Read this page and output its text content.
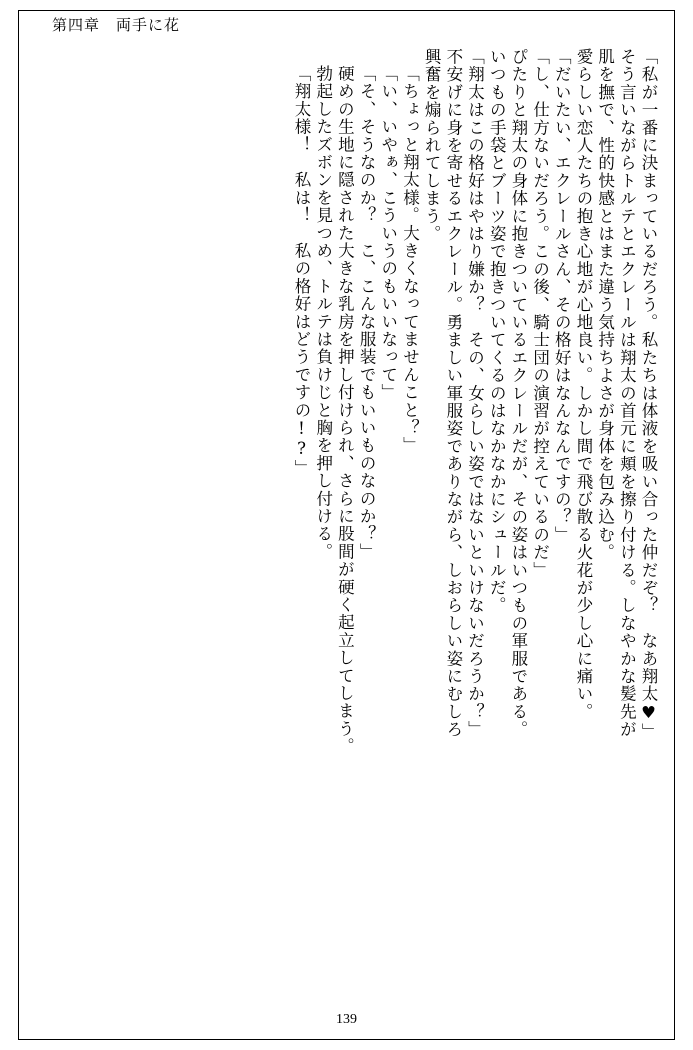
第四章 両手に花
「私が一番に決まっているだろう。私たちは体液を吸い合った仲だぞ？　なあ翔太♥」
そう言いながらトルテとエクレールは翔太の首元に頬を擦り付ける。しなやかな髪先が
肌を撫で、性的快感とはまた違う気持ちよさが身体を包み込む。
愛らしい恋人たちの抱き心地が心地良い。しかし間で飛び散る火花が少し心に痛い。
「だいたい、エクレールさん、その格好はなんなんですの？」
「し、仕方ないだろう。この後、騎士団の演習が控えているのだ」
ぴたりと翔太の身体に抱きついているエクレールだが、その姿はいつもの軍服である。
いつもの手袋とブーツ姿で抱きついてくるのはなかなかにシュールだ。
「翔太はこの格好はやはり嫌か？　その、女らしい姿ではないといけないだろうか？」
不安げに身を寄せるエクレール。勇ましい軍服姿でありながら、しおらしい姿にむしろ
興奮を煽られてしまう。
「ちょっと翔太様。大きくなってませんこと？」
「い、いやぁ、こういうのもいいなって」
「そ、そうなのか？　こ、こんな服装でもいいものなのか？」
硬めの生地に隠された大きな乳房を押し付けられ、さらに股間が硬く起立してしまう。
勃起したズボンを見つめ、トルテは負けじと胸を押し付ける。
「翔太様！　私は！　私の格好はどうですの!?」
139
